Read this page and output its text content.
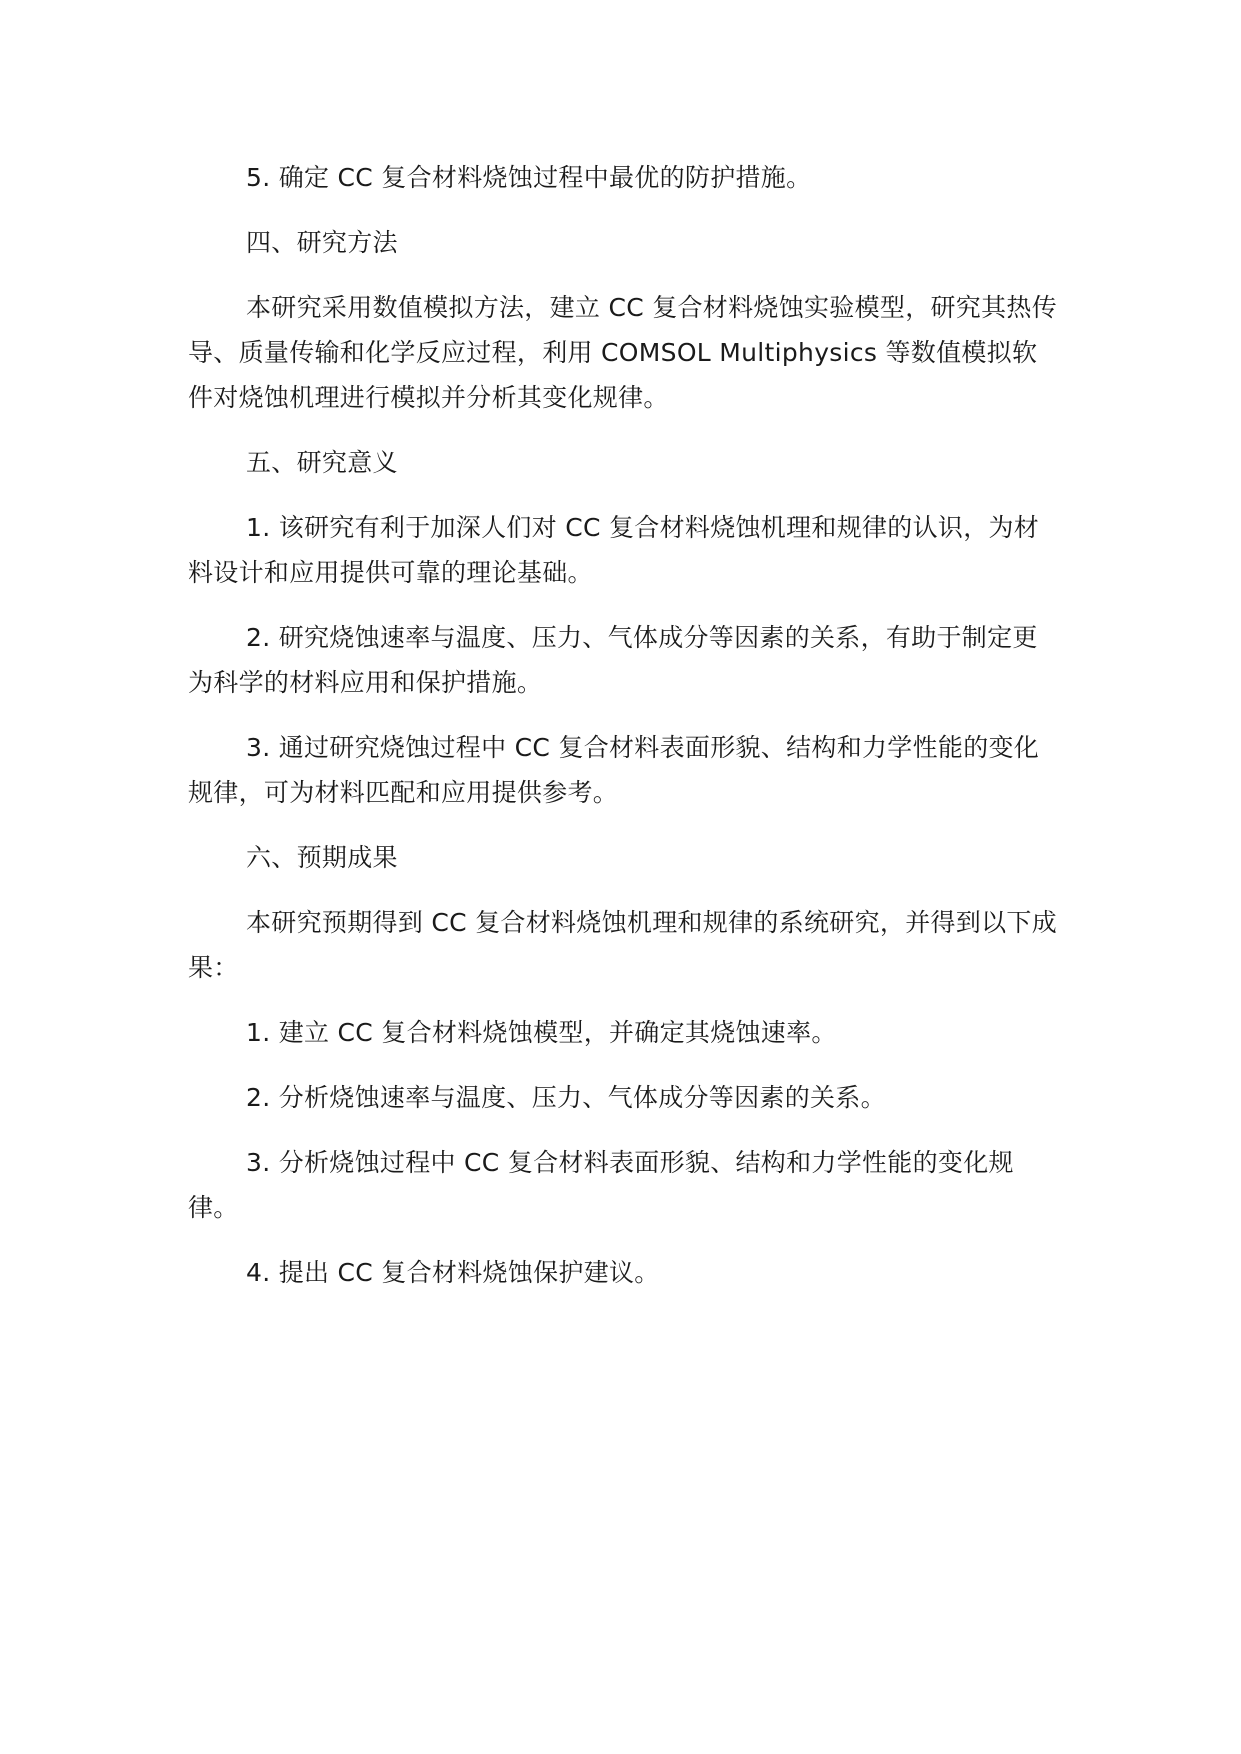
5. 确定 CC 复合材料烧蚀过程中最优的防护措施。

四、研究方法

本研究采用数值模拟方法，建立 CC 复合材料烧蚀实验模型，研究其热传导、质量传输和化学反应过程，利用 COMSOL Multiphysics 等数值模拟软件对烧蚀机理进行模拟并分析其变化规律。

五、研究意义

1. 该研究有利于加深人们对 CC 复合材料烧蚀机理和规律的认识，为材料设计和应用提供可靠的理论基础。

2. 研究烧蚀速率与温度、压力、气体成分等因素的关系，有助于制定更为科学的材料应用和保护措施。

3. 通过研究烧蚀过程中 CC 复合材料表面形貌、结构和力学性能的变化规律，可为材料匹配和应用提供参考。

六、预期成果

本研究预期得到 CC 复合材料烧蚀机理和规律的系统研究，并得到以下成果：

1. 建立 CC 复合材料烧蚀模型，并确定其烧蚀速率。

2. 分析烧蚀速率与温度、压力、气体成分等因素的关系。

3. 分析烧蚀过程中 CC 复合材料表面形貌、结构和力学性能的变化规律。

4. 提出 CC 复合材料烧蚀保护建议。
